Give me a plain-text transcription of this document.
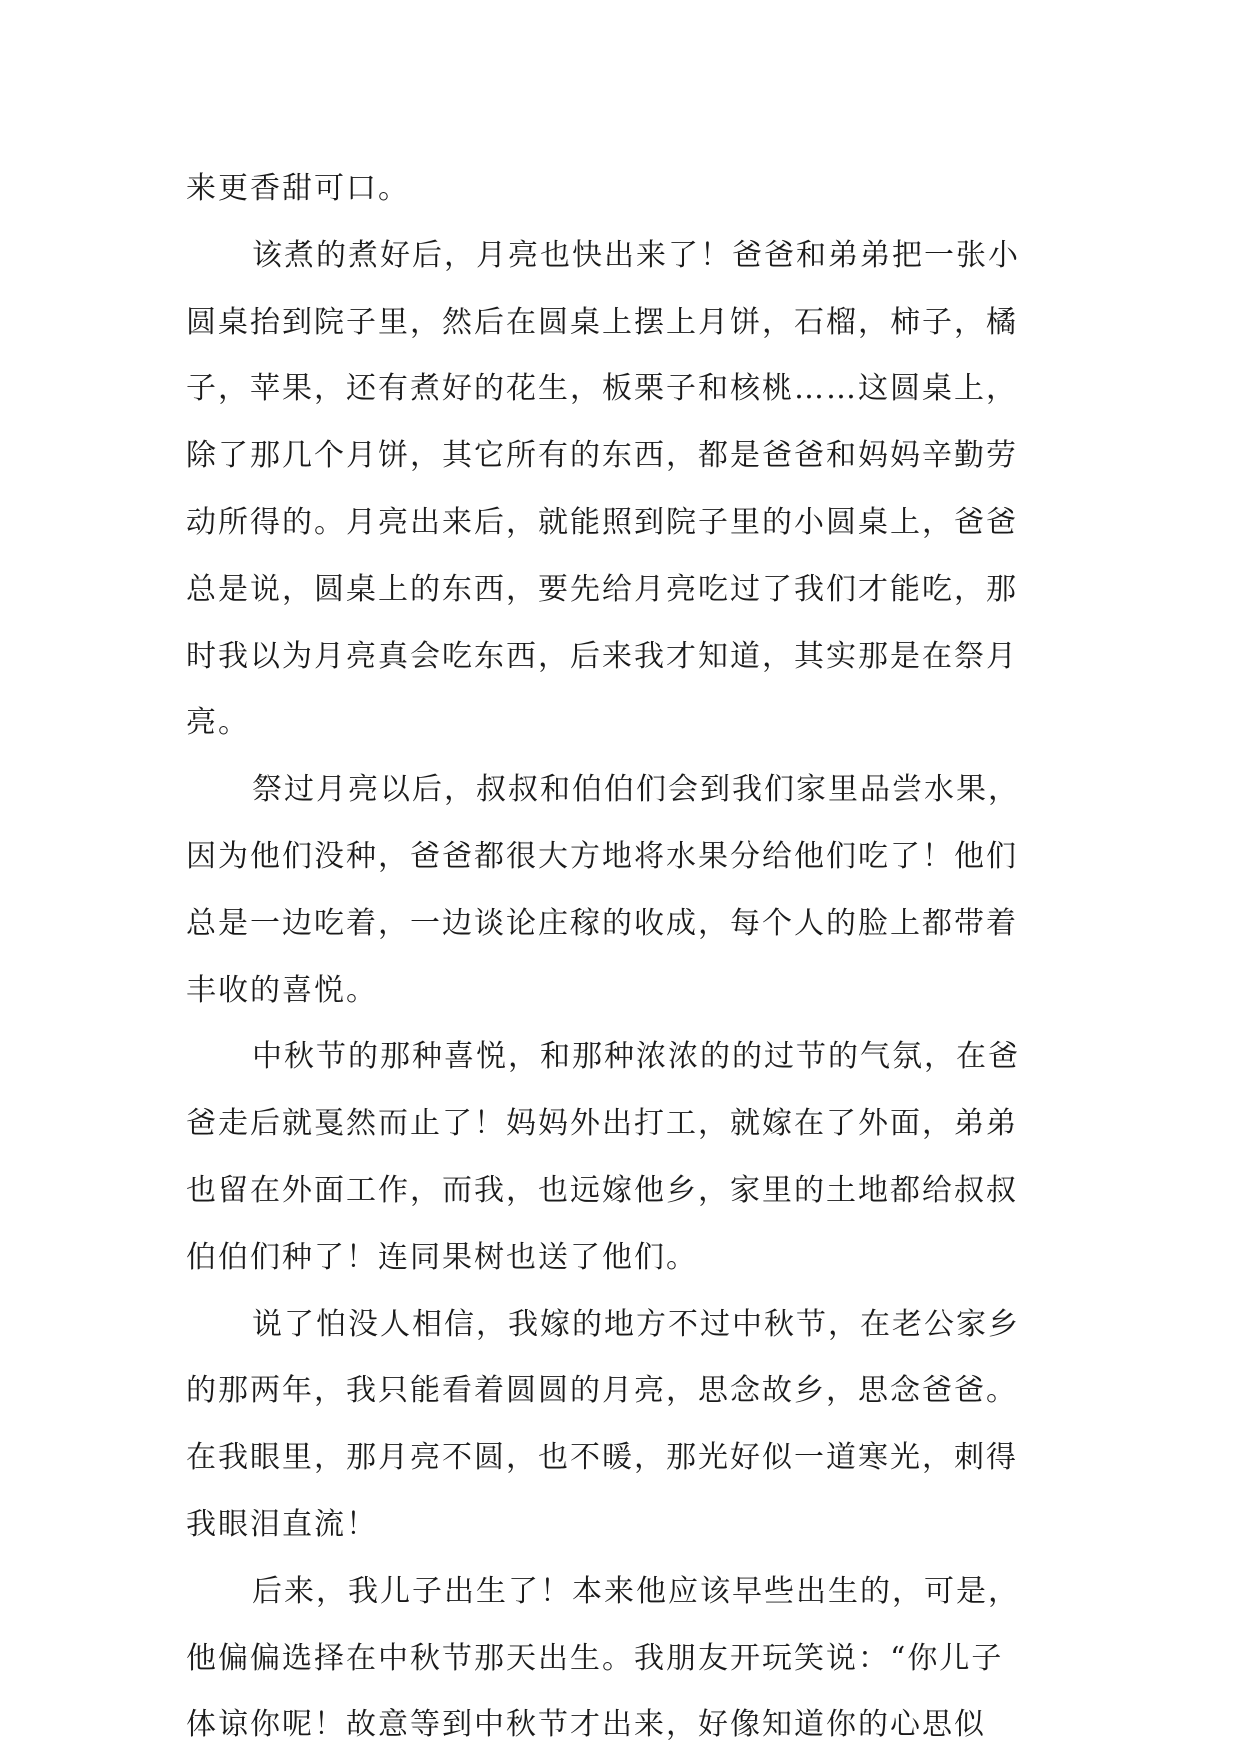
来更香甜可口。

该煮的煮好后，月亮也快出来了！爸爸和弟弟把一张小

圆桌抬到院子里，然后在圆桌上摆上月饼，石榴，柿子，橘

子，苹果，还有煮好的花生，板栗子和核桃……这圆桌上，

除了那几个月饼，其它所有的东西，都是爸爸和妈妈辛勤劳

动所得的。月亮出来后，就能照到院子里的小圆桌上，爸爸

总是说，圆桌上的东西，要先给月亮吃过了我们才能吃，那

时我以为月亮真会吃东西，后来我才知道，其实那是在祭月

亮。

祭过月亮以后，叔叔和伯伯们会到我们家里品尝水果，

因为他们没种，爸爸都很大方地将水果分给他们吃了！他们

总是一边吃着，一边谈论庄稼的收成，每个人的脸上都带着

丰收的喜悦。

中秋节的那种喜悦，和那种浓浓的的过节的气氛，在爸

爸走后就戛然而止了！妈妈外出打工，就嫁在了外面，弟弟

也留在外面工作，而我，也远嫁他乡，家里的土地都给叔叔

伯伯们种了！连同果树也送了他们。

说了怕没人相信，我嫁的地方不过中秋节，在老公家乡

的那两年，我只能看着圆圆的月亮，思念故乡，思念爸爸。

在我眼里，那月亮不圆，也不暖，那光好似一道寒光，刺得

我眼泪直流！

后来，我儿子出生了！本来他应该早些出生的，可是，

他偏偏选择在中秋节那天出生。我朋友开玩笑说：“你儿子

体谅你呢！故意等到中秋节才出来，好像知道你的心思似
